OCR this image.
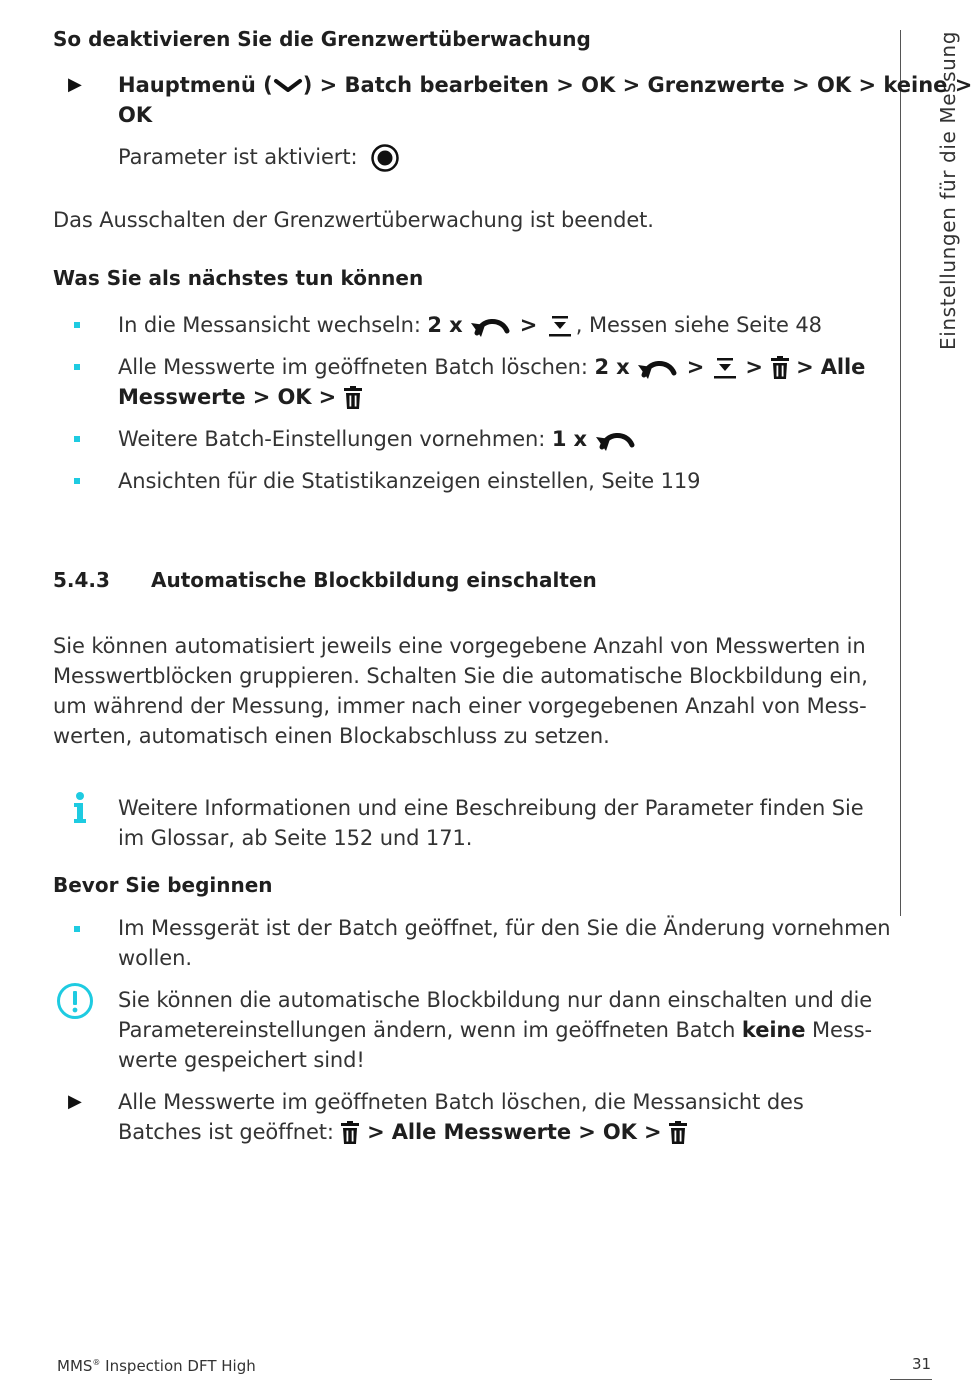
Einstellungen für die Messung
So deaktivieren Sie die Grenzwertüberwachung
▶ Hauptmenü ( ) > Batch bearbeiten > OK > Grenzwerte > OK > keine >
OK
Parameter ist aktiviert:
Das Ausschalten der Grenzwertüberwachung ist beendet.
Was Sie als nächstes tun können
In die Messansicht wechseln: 2 x	> , Messen siehe Seite 48
Alle Messwerte im geöffneten Batch löschen: 2 x	> > > Alle
Messwerte > OK >
Weitere Batch-Einstellungen vornehmen: 1 x
Ansichten für die Statistikanzeigen einstellen, Seite 119
5.4.3 Automatische Blockbildung einschalten
Sie können automatisiert jeweils eine vorgegebene Anzahl von Messwerten in
Messwertblöcken gruppieren. Schalten Sie die automatische Blockbildung ein,
um während der Messung, immer nach einer vorgegebenen Anzahl von Mess-
werten, automatisch einen Blockabschluss zu setzen.
Weitere Informationen und eine Beschreibung der Parameter finden Sie
im Glossar, ab Seite 152 und 171.
Bevor Sie beginnen
Im Messgerät ist der Batch geöffnet, für den Sie die Änderung vornehmen
wollen.
Sie können die automatische Blockbildung nur dann einschalten und die
Parametereinstellungen ändern, wenn im geöffneten Batch keine Mess-
werte gespeichert sind!
▶ Alle Messwerte im geöffneten Batch löschen, die Messansicht des
Batches ist geöffnet:  > Alle Messwerte > OK >
MMS® Inspection DFT High	31
